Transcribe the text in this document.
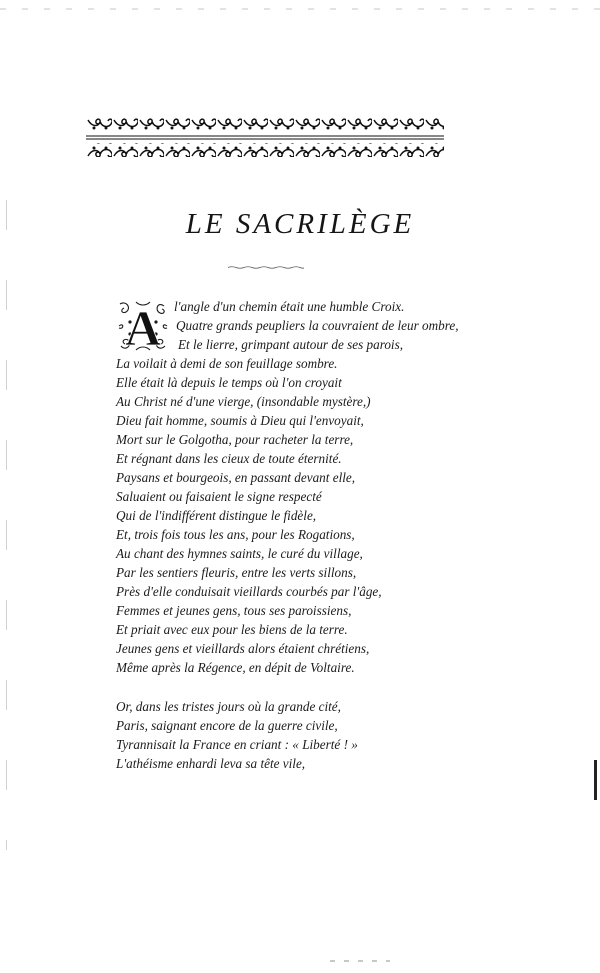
LE SACRILÈGE
A l'angle d'un chemin était une humble Croix.
Quatre grands peupliers la couvraient de leur ombre,
Et le lierre, grimpant autour de ses parois,
La voilait à demi de son feuillage sombre.
Elle était là depuis le temps où l'on croyait
Au Christ né d'une vierge, (insondable mystère,)
Dieu fait homme, soumis à Dieu qui l'envoyait,
Mort sur le Golgotha, pour racheter la terre,
Et régnant dans les cieux de toute éternité.
Paysans et bourgeois, en passant devant elle,
Saluaient ou faisaient le signe respecté
Qui de l'indifférent distingue le fidèle,
Et, trois fois tous les ans, pour les Rogations,
Au chant des hymnes saints, le curé du village,
Par les sentiers fleuris, entre les verts sillons,
Près d'elle conduisait vieillards courbés par l'âge,
Femmes et jeunes gens, tous ses paroissiens,
Et priait avec eux pour les biens de la terre.
Jeunes gens et vieillards alors étaient chrétiens,
Même après la Régence, en dépit de Voltaire.
Or, dans les tristes jours où la grande cité,
Paris, saignant encore de la guerre civile,
Tyrannisait la France en criant : « Liberté ! »
L'athéisme enhardi leva sa tête vile,
